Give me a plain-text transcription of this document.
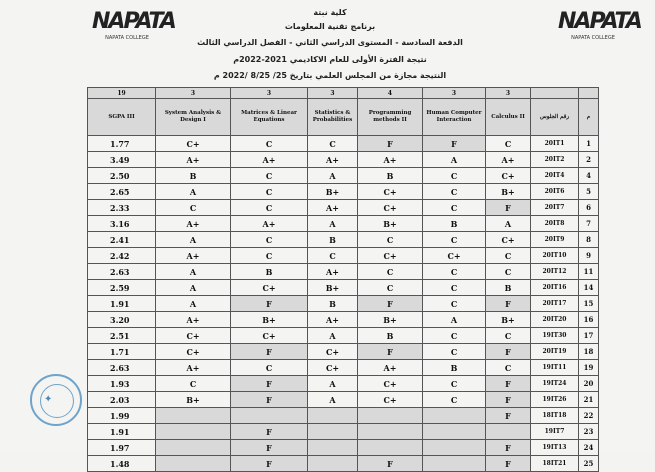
NAPATA
NAPATA COLLEGE
NAPATA
NAPATA COLLEGE
كلية نبتة
برنامج تقنية المعلومات
الدفعة السادسة - المستوى الدراسي الثاني - الفصل الدراسي الثالث
نتيجة الفترة الأولى للعام الاكاديمي 2021-2022م
النتيجة مجازة من المجلس العلمي بتاريخ 25/ 8/25 /2022 م
19	3	3	3	4	3	3		
SGPA III	System Analysis & Design I	Matrices & Linear Equations	Statistics & Probabilities	Programming methods II	Human Computer Interaction	Calculus II	رقم الجلوس	م
1.77	C+	C	C	F	F	C	20IT1	1
3.49	A+	A+	A+	A+	A	A+	20IT2	2
2.50	B	C	A	B	C	C+	20IT4	4
2.65	A	C	B+	C+	C	B+	20IT6	5
2.33	C	C	A+	C+	C	F	20IT7	6
3.16	A+	A+	A	B+	B	A	20IT8	7
2.41	A	C	B	C	C	C+	20IT9	8
2.42	A+	C	C	C+	C+	C	20IT10	9
2.63	A	B	A+	C	C	C	20IT12	11
2.59	A	C+	B+	C	C	B	20IT16	14
1.91	A	F	B	F	C	F	20IT17	15
3.20	A+	B+	A+	B+	A	B+	20IT20	16
2.51	C+	C+	A	B	C	C	19IT30	17
1.71	C+	F	C+	F	C	F	20IT19	18
2.63	A+	C	C+	A+	B	C	19IT11	19
1.93	C	F	A	C+	C	F	19IT24	20
2.03	B+	F	A	C+	C	F	19IT26	21
1.99						F	18IT18	22
1.91		F					19IT7	23
1.97		F				F	19IT13	24
1.48		F		F		F	18IT21	25
✦
